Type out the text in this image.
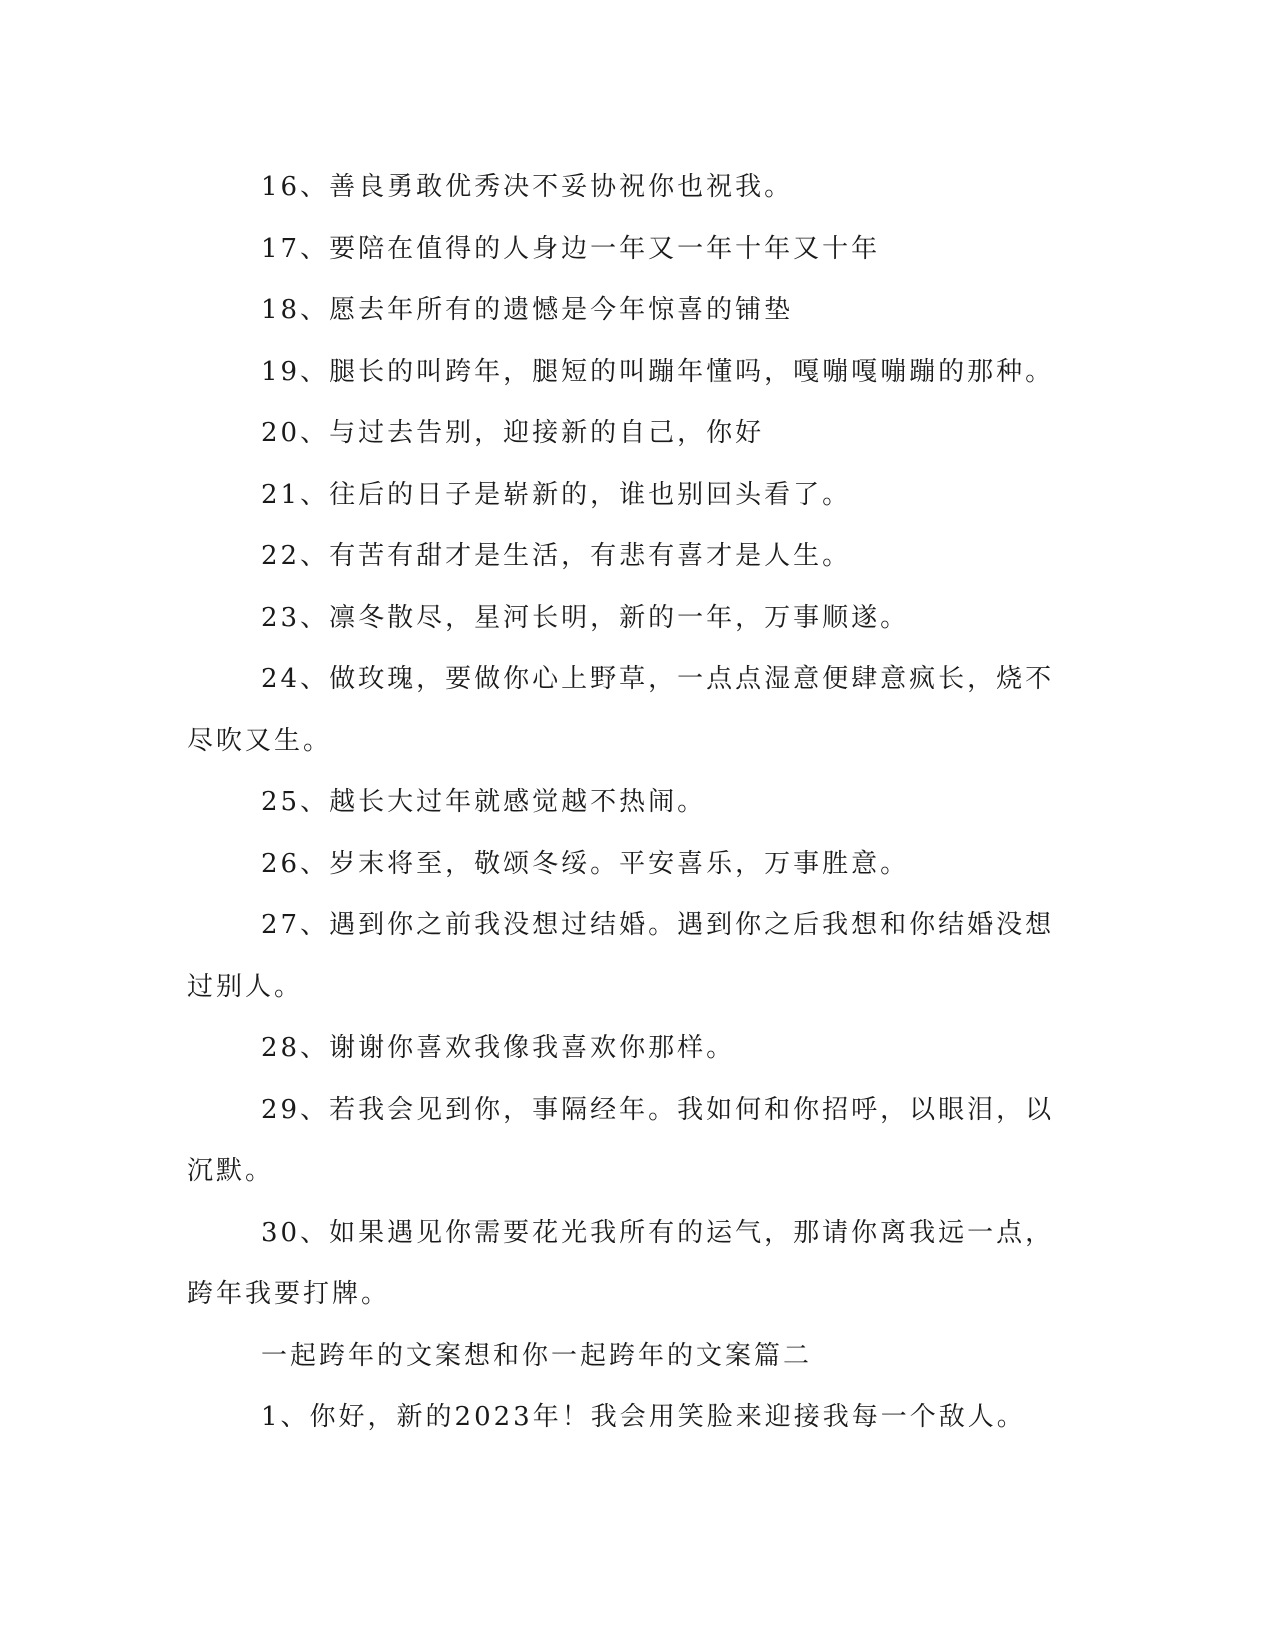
16、善良勇敢优秀决不妥协祝你也祝我。

17、要陪在值得的人身边一年又一年十年又十年

18、愿去年所有的遗憾是今年惊喜的铺垫

19、腿长的叫跨年，腿短的叫蹦年懂吗，嘎嘣嘎嘣蹦的那种。

20、与过去告别，迎接新的自己，你好

21、往后的日子是崭新的，谁也别回头看了。

22、有苦有甜才是生活，有悲有喜才是人生。

23、凛冬散尽，星河长明，新的一年，万事顺遂。

24、做玫瑰，要做你心上野草，一点点湿意便肆意疯长，烧不尽吹又生。

25、越长大过年就感觉越不热闹。

26、岁末将至，敬颂冬绥。平安喜乐，万事胜意。

27、遇到你之前我没想过结婚。遇到你之后我想和你结婚没想过别人。

28、谢谢你喜欢我像我喜欢你那样。

29、若我会见到你，事隔经年。我如何和你招呼，以眼泪，以沉默。

30、如果遇见你需要花光我所有的运气，那请你离我远一点，跨年我要打牌。

一起跨年的文案想和你一起跨年的文案篇二

1、你好，新的2023年！我会用笑脸来迎接我每一个敌人。
